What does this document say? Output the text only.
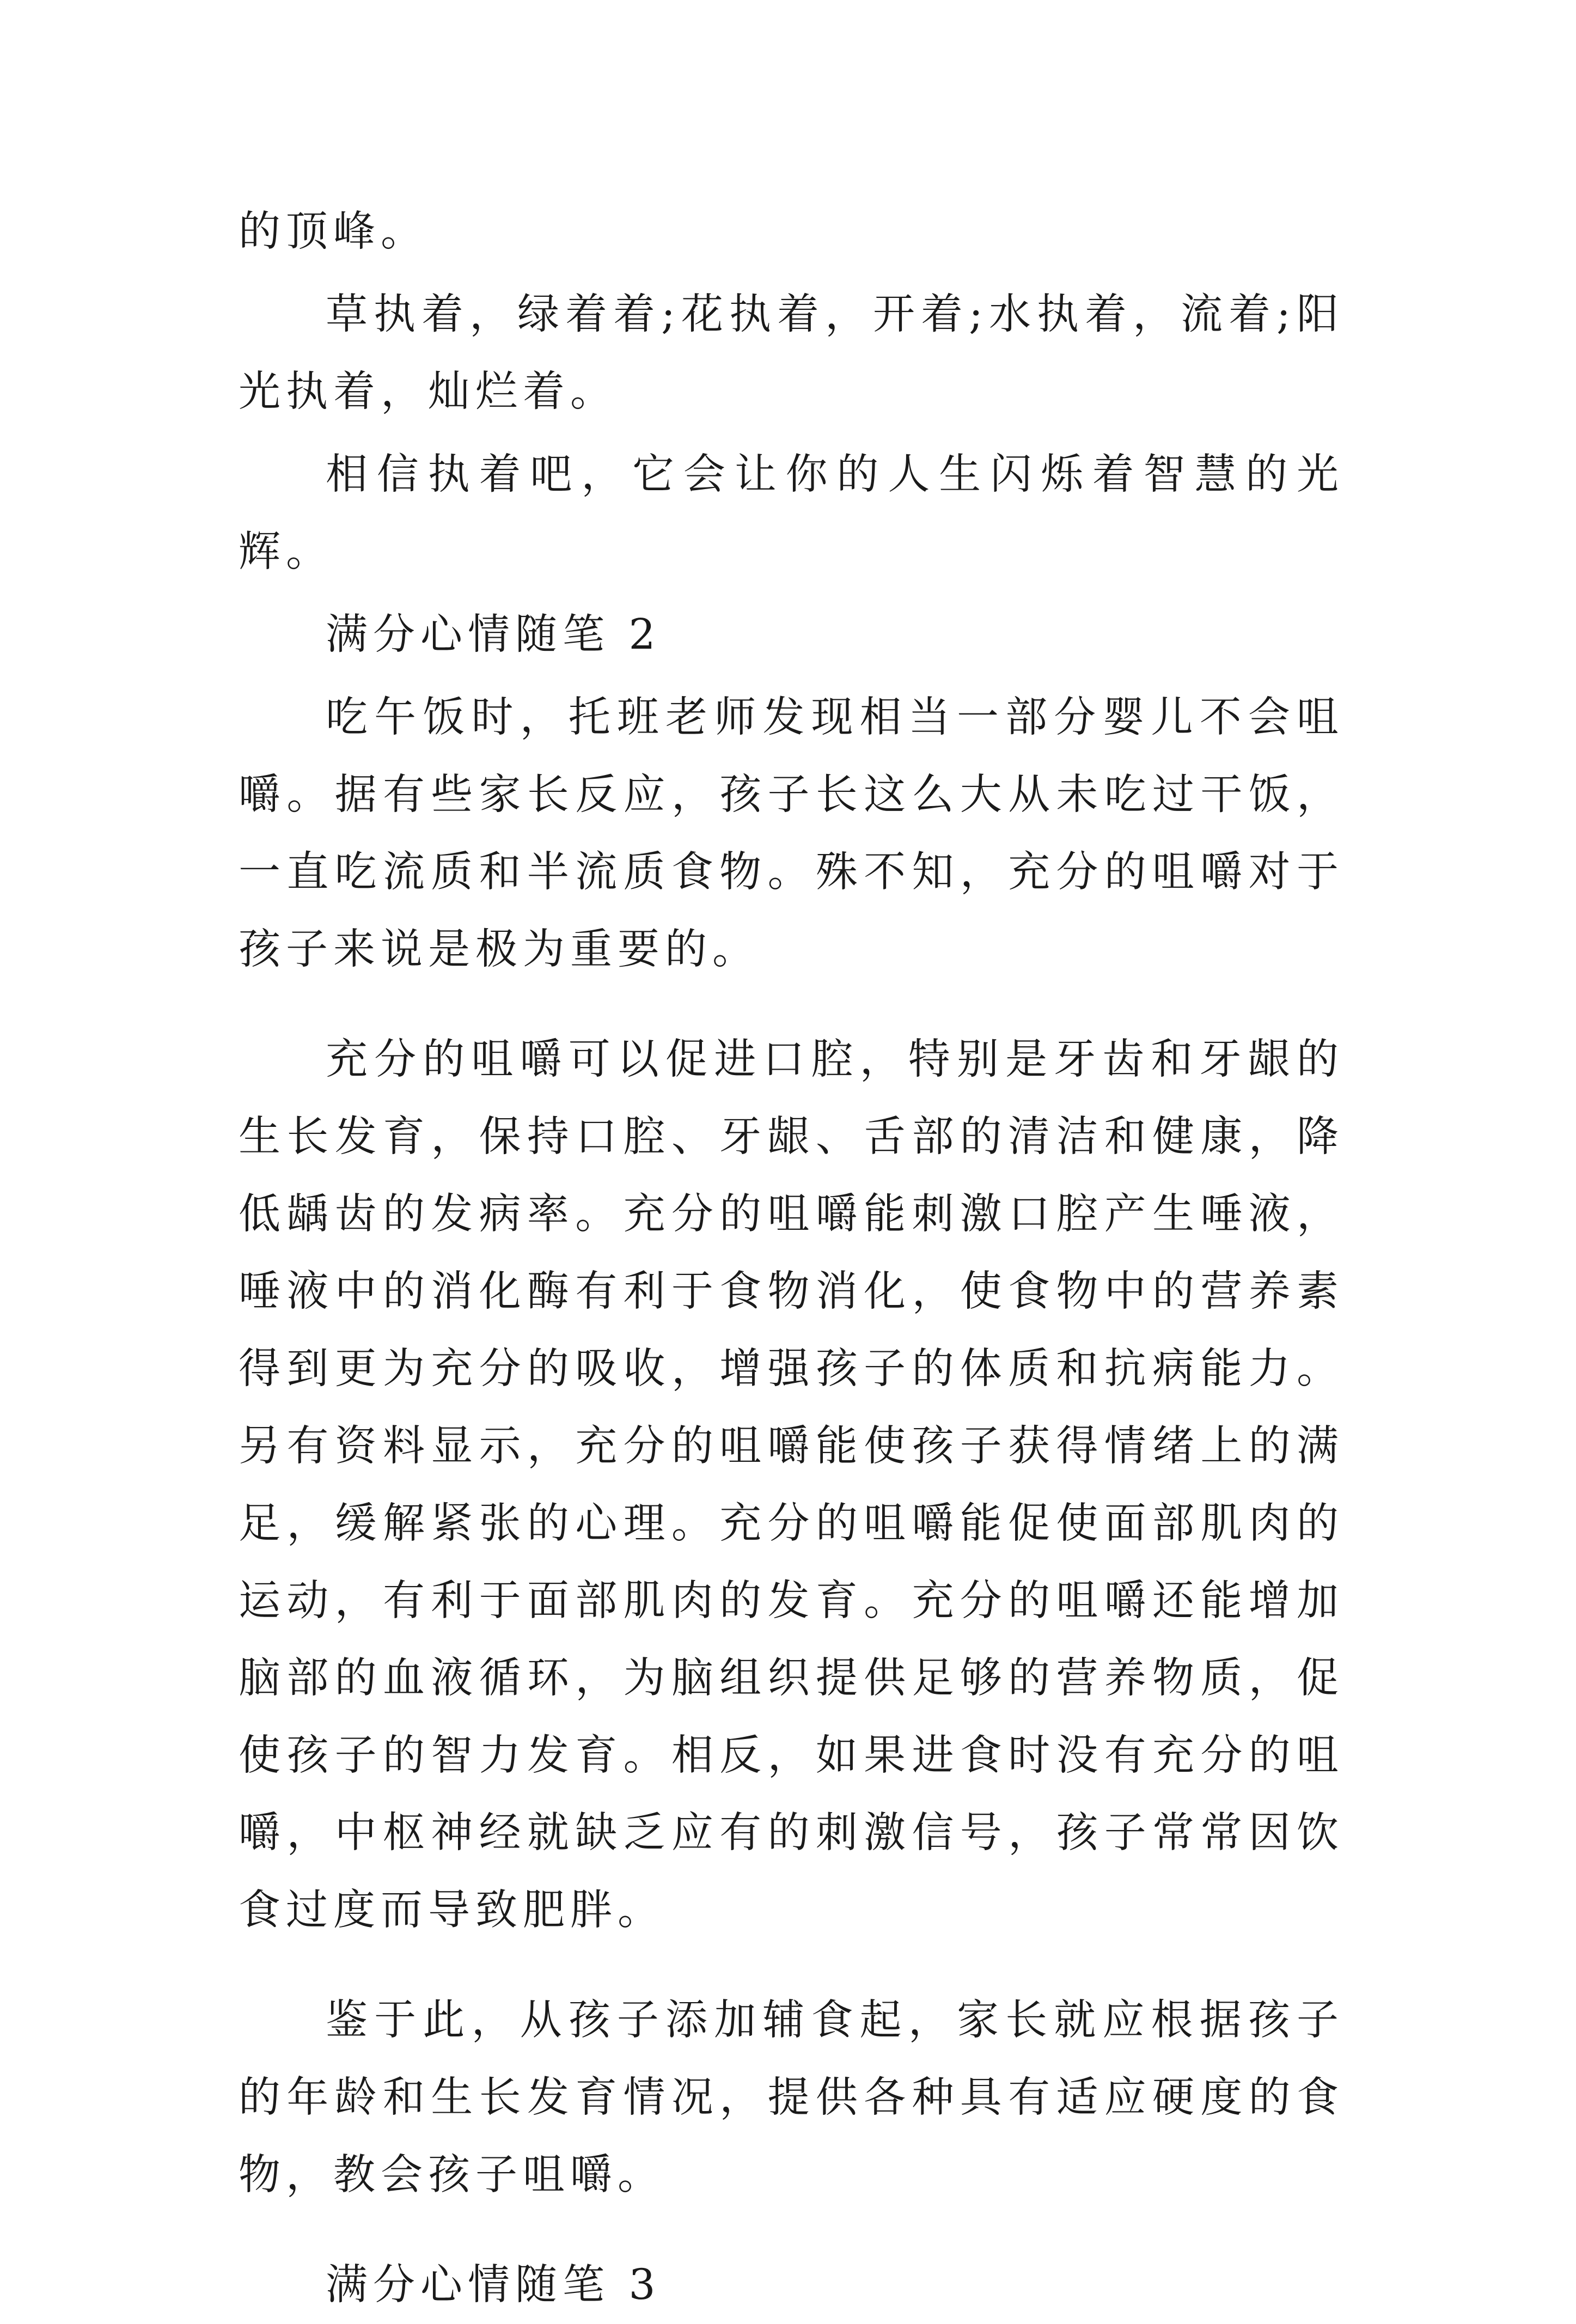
的顶峰。

草执着，绿着着;花执着，开着;水执着，流着;阳光执着，灿烂着。

相信执着吧，它会让你的人生闪烁着智慧的光辉。

满分心情随笔 2

吃午饭时，托班老师发现相当一部分婴儿不会咀嚼。据有些家长反应，孩子长这么大从未吃过干饭，一直吃流质和半流质食物。殊不知，充分的咀嚼对于孩子来说是极为重要的。

充分的咀嚼可以促进口腔，特别是牙齿和牙龈的生长发育，保持口腔、牙龈、舌部的清洁和健康，降低龋齿的发病率。充分的咀嚼能刺激口腔产生唾液，唾液中的消化酶有利于食物消化，使食物中的营养素得到更为充分的吸收，增强孩子的体质和抗病能力。另有资料显示，充分的咀嚼能使孩子获得情绪上的满足，缓解紧张的心理。充分的咀嚼能促使面部肌肉的运动，有利于面部肌肉的发育。充分的咀嚼还能增加脑部的血液循环，为脑组织提供足够的营养物质，促使孩子的智力发育。相反，如果进食时没有充分的咀嚼，中枢神经就缺乏应有的刺激信号，孩子常常因饮食过度而导致肥胖。

鉴于此，从孩子添加辅食起，家长就应根据孩子的年龄和生长发育情况，提供各种具有适应硬度的食物，教会孩子咀嚼。

满分心情随笔 3
